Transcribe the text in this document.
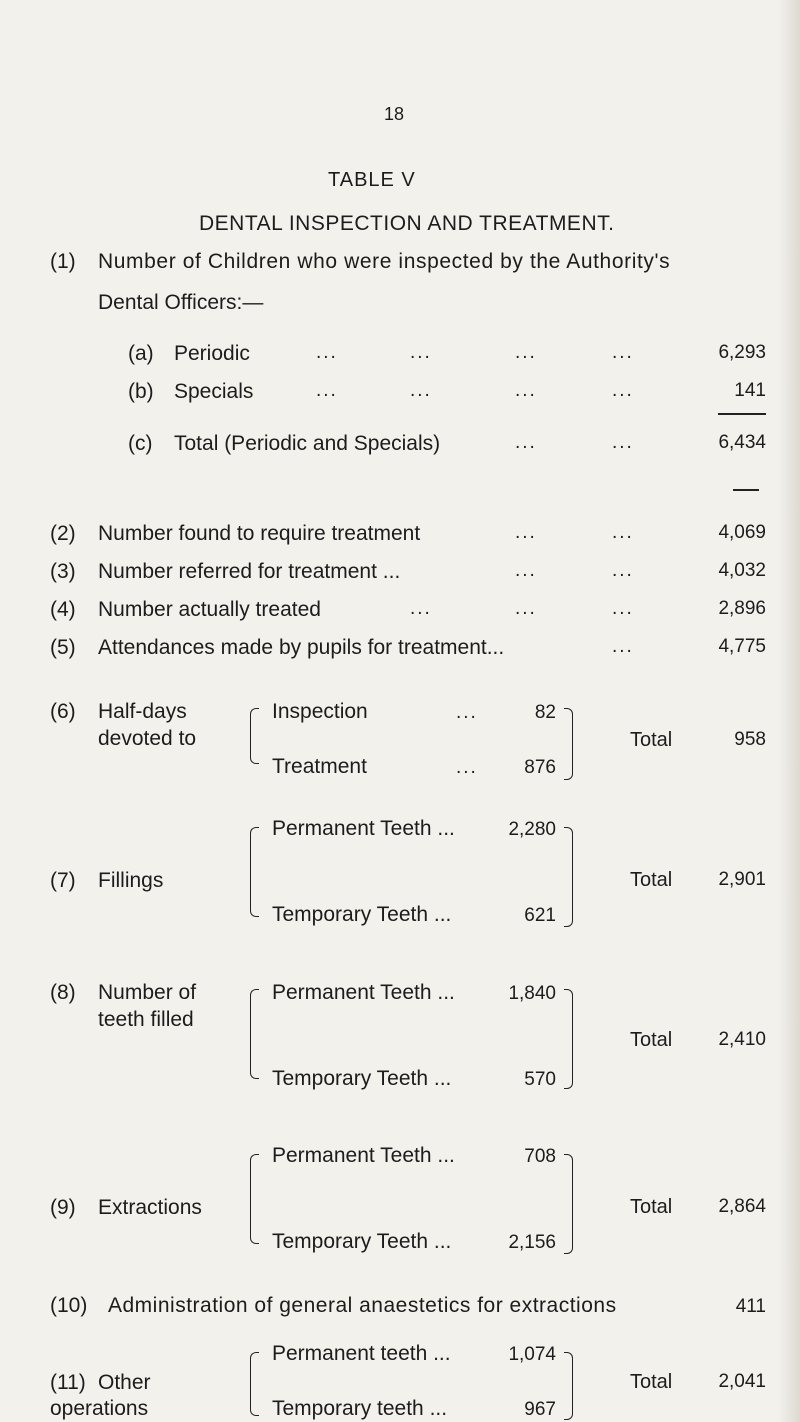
18
TABLE V
DENTAL INSPECTION AND TREATMENT.
(1) Number of Children who were inspected by the Authority's
Dental Officers:—
(a) Periodic	...	...	...	...	6,293
(b) Specials	...	...	...	...	141
(c) Total (Periodic and Specials)	...	...	6,434
(2) Number found to require treatment	...	...	4,069
(3) Number referred for treatment ...	...	...	4,032
(4) Number actually treated	...	...	...	2,896
(5) Attendances made by pupils for treatment...	...	4,775
(6) Half-days
devoted to
Inspection	...	82
Treatment	...	876
Total	958
(7) Fillings
Permanent Teeth ...	2,280
Temporary Teeth ...	621
Total	2,901
(8) Number of
teeth filled
Permanent Teeth ...	1,840
Temporary Teeth ...	570
Total	2,410
(9) Extractions
Permanent Teeth ...	708
Temporary Teeth ...	2,156
Total	2,864
(10) Administration of general anaestetics for extractions	411
(11) Other
operations
Permanent teeth ...	1,074
Temporary teeth ...	967
Total	2,041
